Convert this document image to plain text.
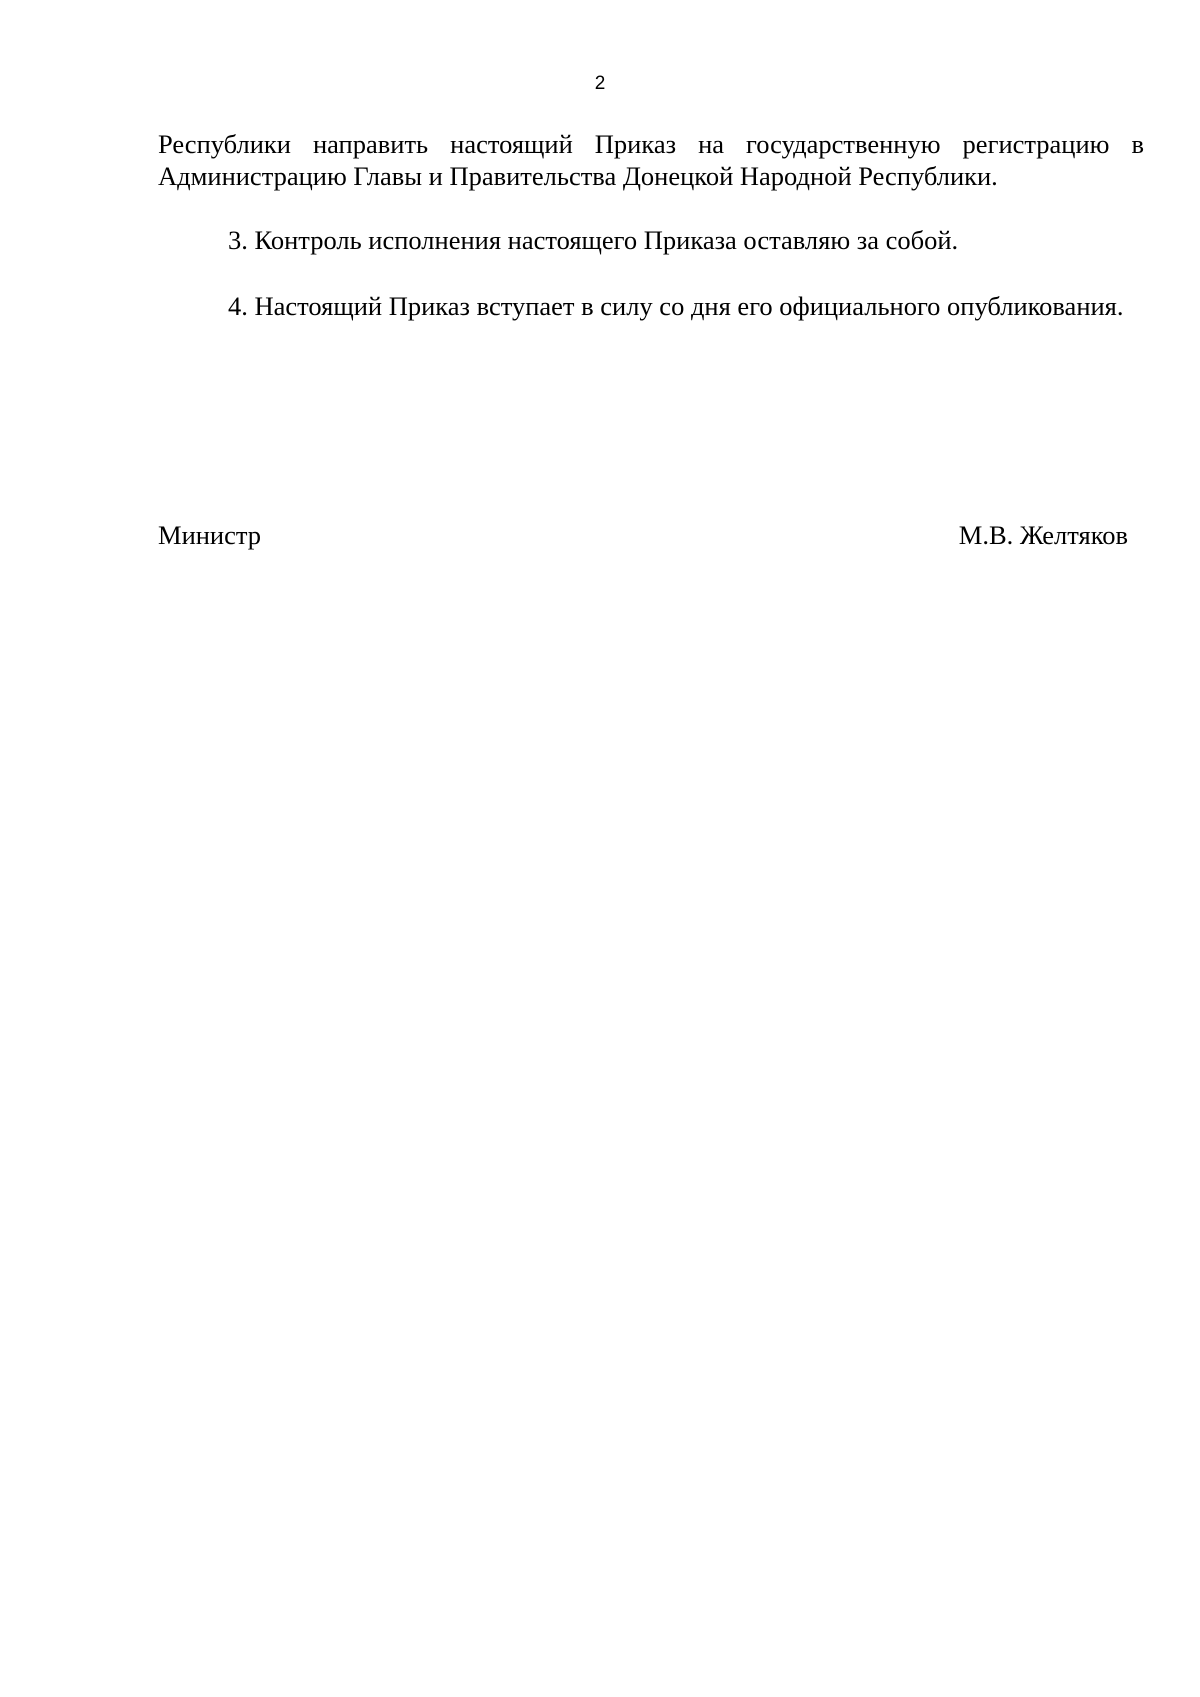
2

Республики направить настоящий Приказ на государственную регистрацию в Администрацию Главы и Правительства Донецкой Народной Республики.

3. Контроль исполнения настоящего Приказа оставляю за собой.

4. Настоящий Приказ вступает в силу со дня его официального опубликования.

Министр	М.В. Желтяков
